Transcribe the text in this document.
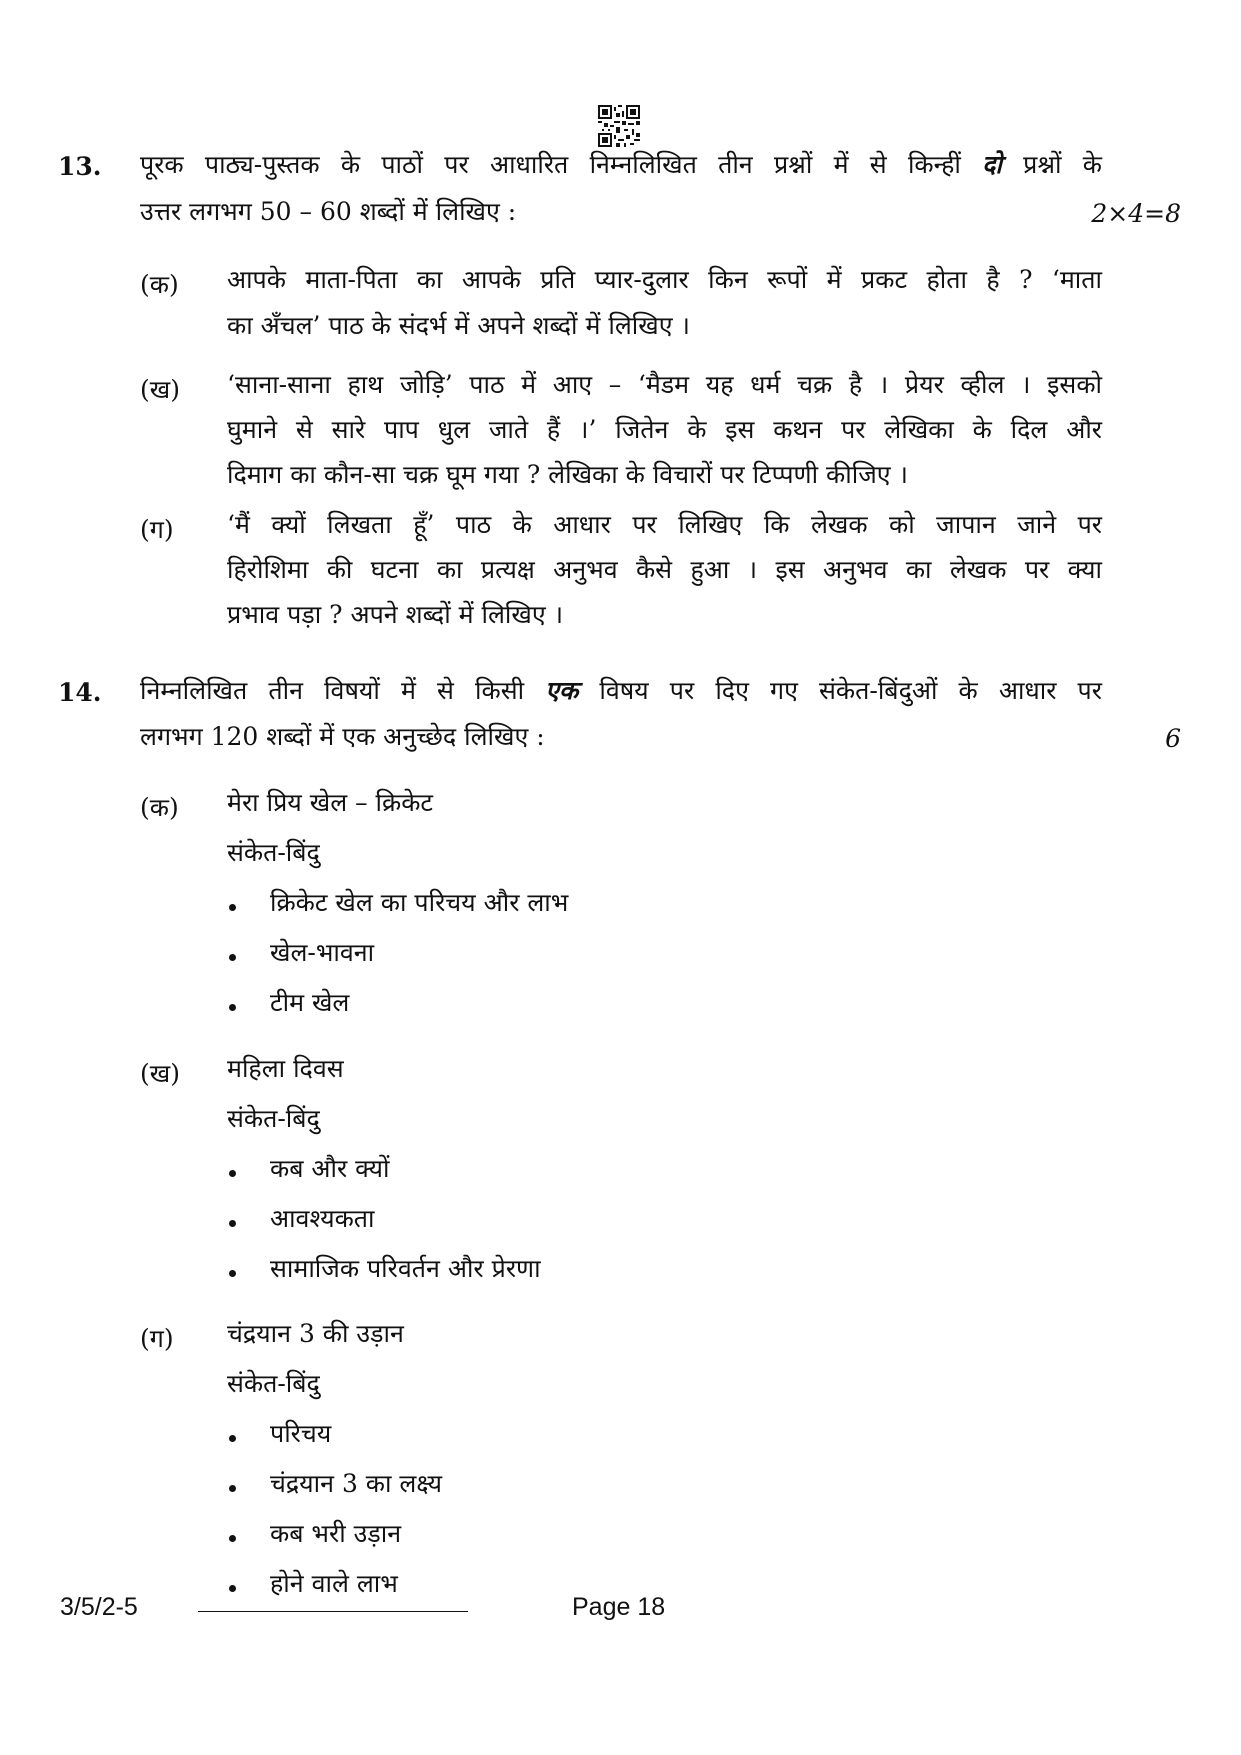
13. पूरक पाठ्य-पुस्तक के पाठों पर आधारित निम्नलिखित तीन प्रश्नों में से किन्हीं दो प्रश्नों के
उत्तर लगभग 50 – 60 शब्दों में लिखिए :	2×4=8
(क) आपके माता-पिता का आपके प्रति प्यार-दुलार किन रूपों में प्रकट होता है ? ‘माता
का अँचल’ पाठ के संदर्भ में अपने शब्दों में लिखिए ।
(ख) ‘साना-साना हाथ जोड़ि’ पाठ में आए – ‘मैडम यह धर्म चक्र है । प्रेयर व्हील । इसको
घुमाने से सारे पाप धुल जाते हैं ।’ जितेन के इस कथन पर लेखिका के दिल और
दिमाग का कौन-सा चक्र घूम गया ? लेखिका के विचारों पर टिप्पणी कीजिए ।
(ग) ‘मैं क्यों लिखता हूँ’ पाठ के आधार पर लिखिए कि लेखक को जापान जाने पर
हिरोशिमा की घटना का प्रत्यक्ष अनुभव कैसे हुआ । इस अनुभव का लेखक पर क्या
प्रभाव पड़ा ? अपने शब्दों में लिखिए ।
14. निम्नलिखित तीन विषयों में से किसी एक विषय पर दिए गए संकेत-बिंदुओं के आधार पर
लगभग 120 शब्दों में एक अनुच्छेद लिखिए :	6
(क) मेरा प्रिय खेल – क्रिकेट
संकेत-बिंदु
क्रिकेट खेल का परिचय और लाभ
खेल-भावना
टीम खेल
(ख) महिला दिवस
संकेत-बिंदु
कब और क्यों
आवश्यकता
सामाजिक परिवर्तन और प्रेरणा
(ग) चंद्रयान 3 की उड़ान
संकेत-बिंदु
परिचय
चंद्रयान 3 का लक्ष्य
कब भरी उड़ान
होने वाले लाभ
3/5/2-5	Page 18
